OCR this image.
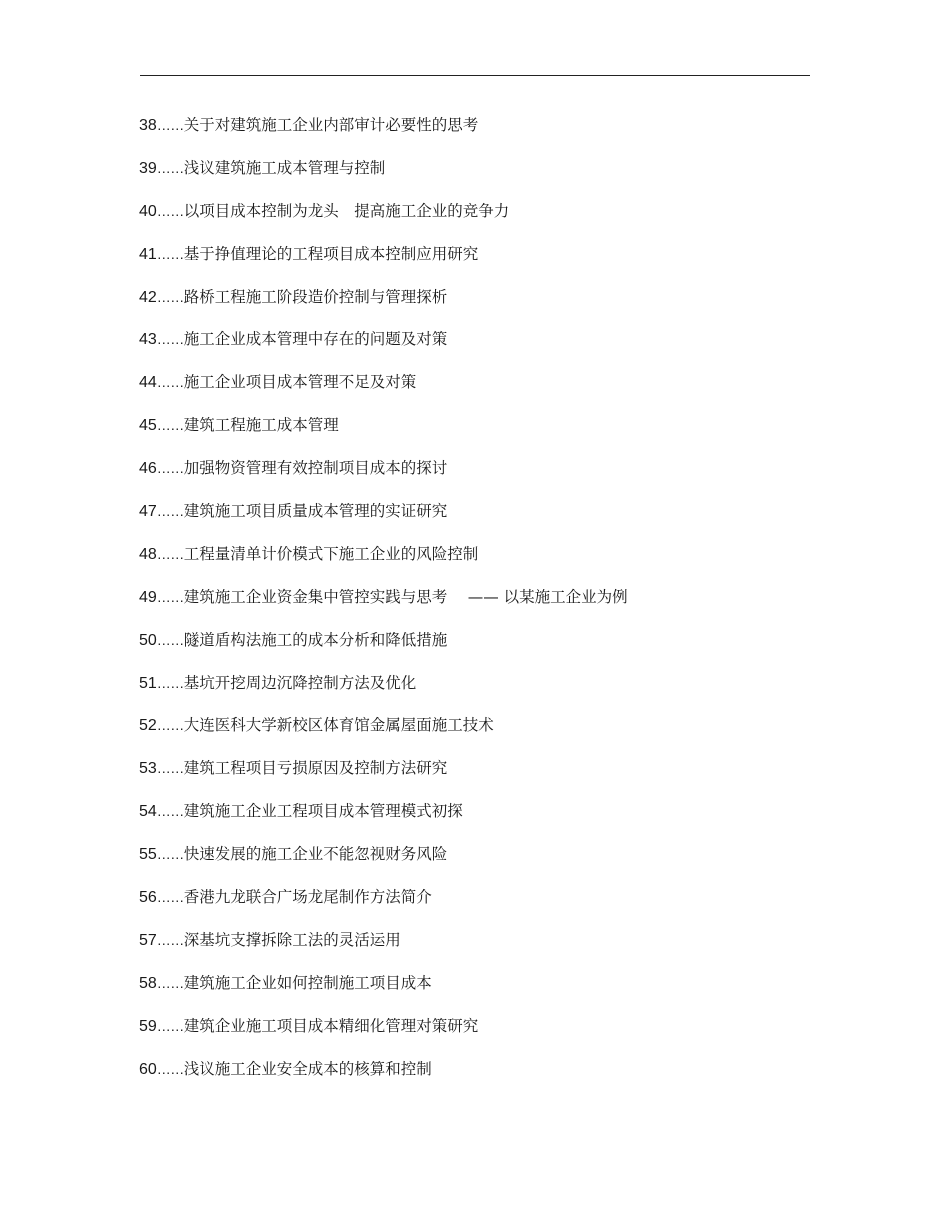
38……关于对建筑施工企业内部审计必要性的思考
39……浅议建筑施工成本管理与控制
40……以项目成本控制为龙头　提高施工企业的竞争力
41……基于挣值理论的工程项目成本控制应用研究
42……路桥工程施工阶段造价控制与管理探析
43……施工企业成本管理中存在的问题及对策
44……施工企业项目成本管理不足及对策
45……建筑工程施工成本管理
46……加强物资管理有效控制项目成本的探讨
47……建筑施工项目质量成本管理的实证研究
48……工程量清单计价模式下施工企业的风险控制
49……建筑施工企业资金集中管控实践与思考　 —— 以某施工企业为例
50……隧道盾构法施工的成本分析和降低措施
51……基坑开挖周边沉降控制方法及优化
52……大连医科大学新校区体育馆金属屋面施工技术
53……建筑工程项目亏损原因及控制方法研究
54……建筑施工企业工程项目成本管理模式初探
55……快速发展的施工企业不能忽视财务风险
56……香港九龙联合广场龙尾制作方法简介
57……深基坑支撑拆除工法的灵活运用
58……建筑施工企业如何控制施工项目成本
59……建筑企业施工项目成本精细化管理对策研究
60……浅议施工企业安全成本的核算和控制
